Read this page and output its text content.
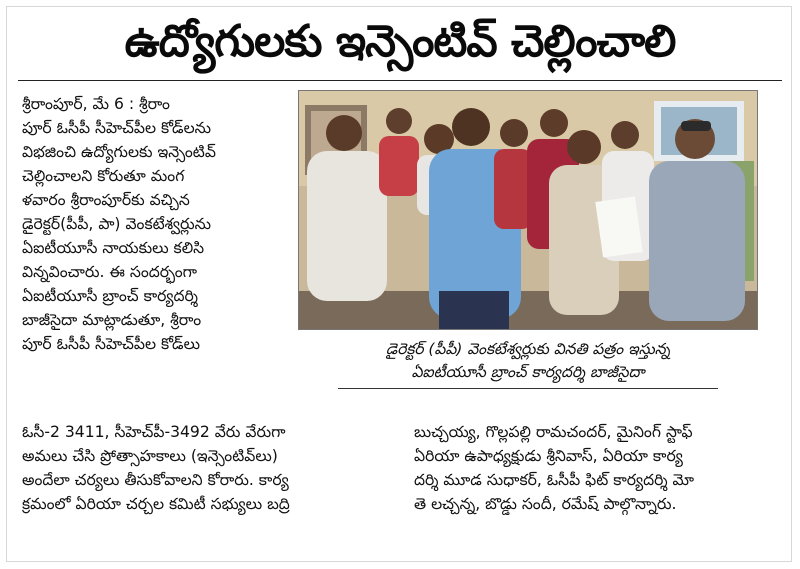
ఉద్యోగులకు ఇన్సెంటివ్ చెల్లించాలి
శ్రీరాంపూర్, మే 6 : శ్రీరాం
పూర్ ఓసీపీ సీహెచ్‌పీల కోడ్‌లను
విభజించి ఉద్యోగులకు ఇన్సెంటివ్
చెల్లించాలని కోరుతూ మంగ
ళవారం శ్రీరాంపూర్‌కు వచ్చిన
డైరెక్టర్(పీపీ, పా) వెంకటేశ్వర్లును
ఏఐటీయూసీ నాయకులు కలిసి
విన్నవించారు. ఈ సందర్భంగా
ఏఐటీయూసీ బ్రాంచ్ కార్యదర్శి
బాజీసైదా మాట్లాడుతూ, శ్రీరాం
పూర్ ఓసీపీ సీహెచ్‌పీల కోడ్‌లు	డైరెక్టర్ (పీపీ) వెంకటేశ్వర్లుకు వినతి పత్రం ఇస్తున్న
ఏఐటీయూసీ బ్రాంచ్ కార్యదర్శి బాజీసైదా
ఓసీ-2 3411, సీహెచ్‌పీ-3492 వేరు వేరుగా
అమలు చేసి ప్రోత్సాహకాలు (ఇన్సెంటివ్‌లు)
అందేలా చర్యలు తీసుకోవాలని కోరారు. కార్య
క్రమంలో ఏరియా చర్చల కమిటీ సభ్యులు బద్రి
బుచ్చయ్య, గొల్లపల్లి రామచందర్, మైనింగ్ స్టాఫ్
ఏరియా ఉపాధ్యక్షుడు శ్రీనివాస్, ఏరియా కార్య
దర్శి మూడ సుధాకర్, ఓసీపీ ఫిట్ కార్యదర్శి మో
తె లచ్చన్న, బొడ్డు సందీ, రమేష్ పాల్గొన్నారు.
